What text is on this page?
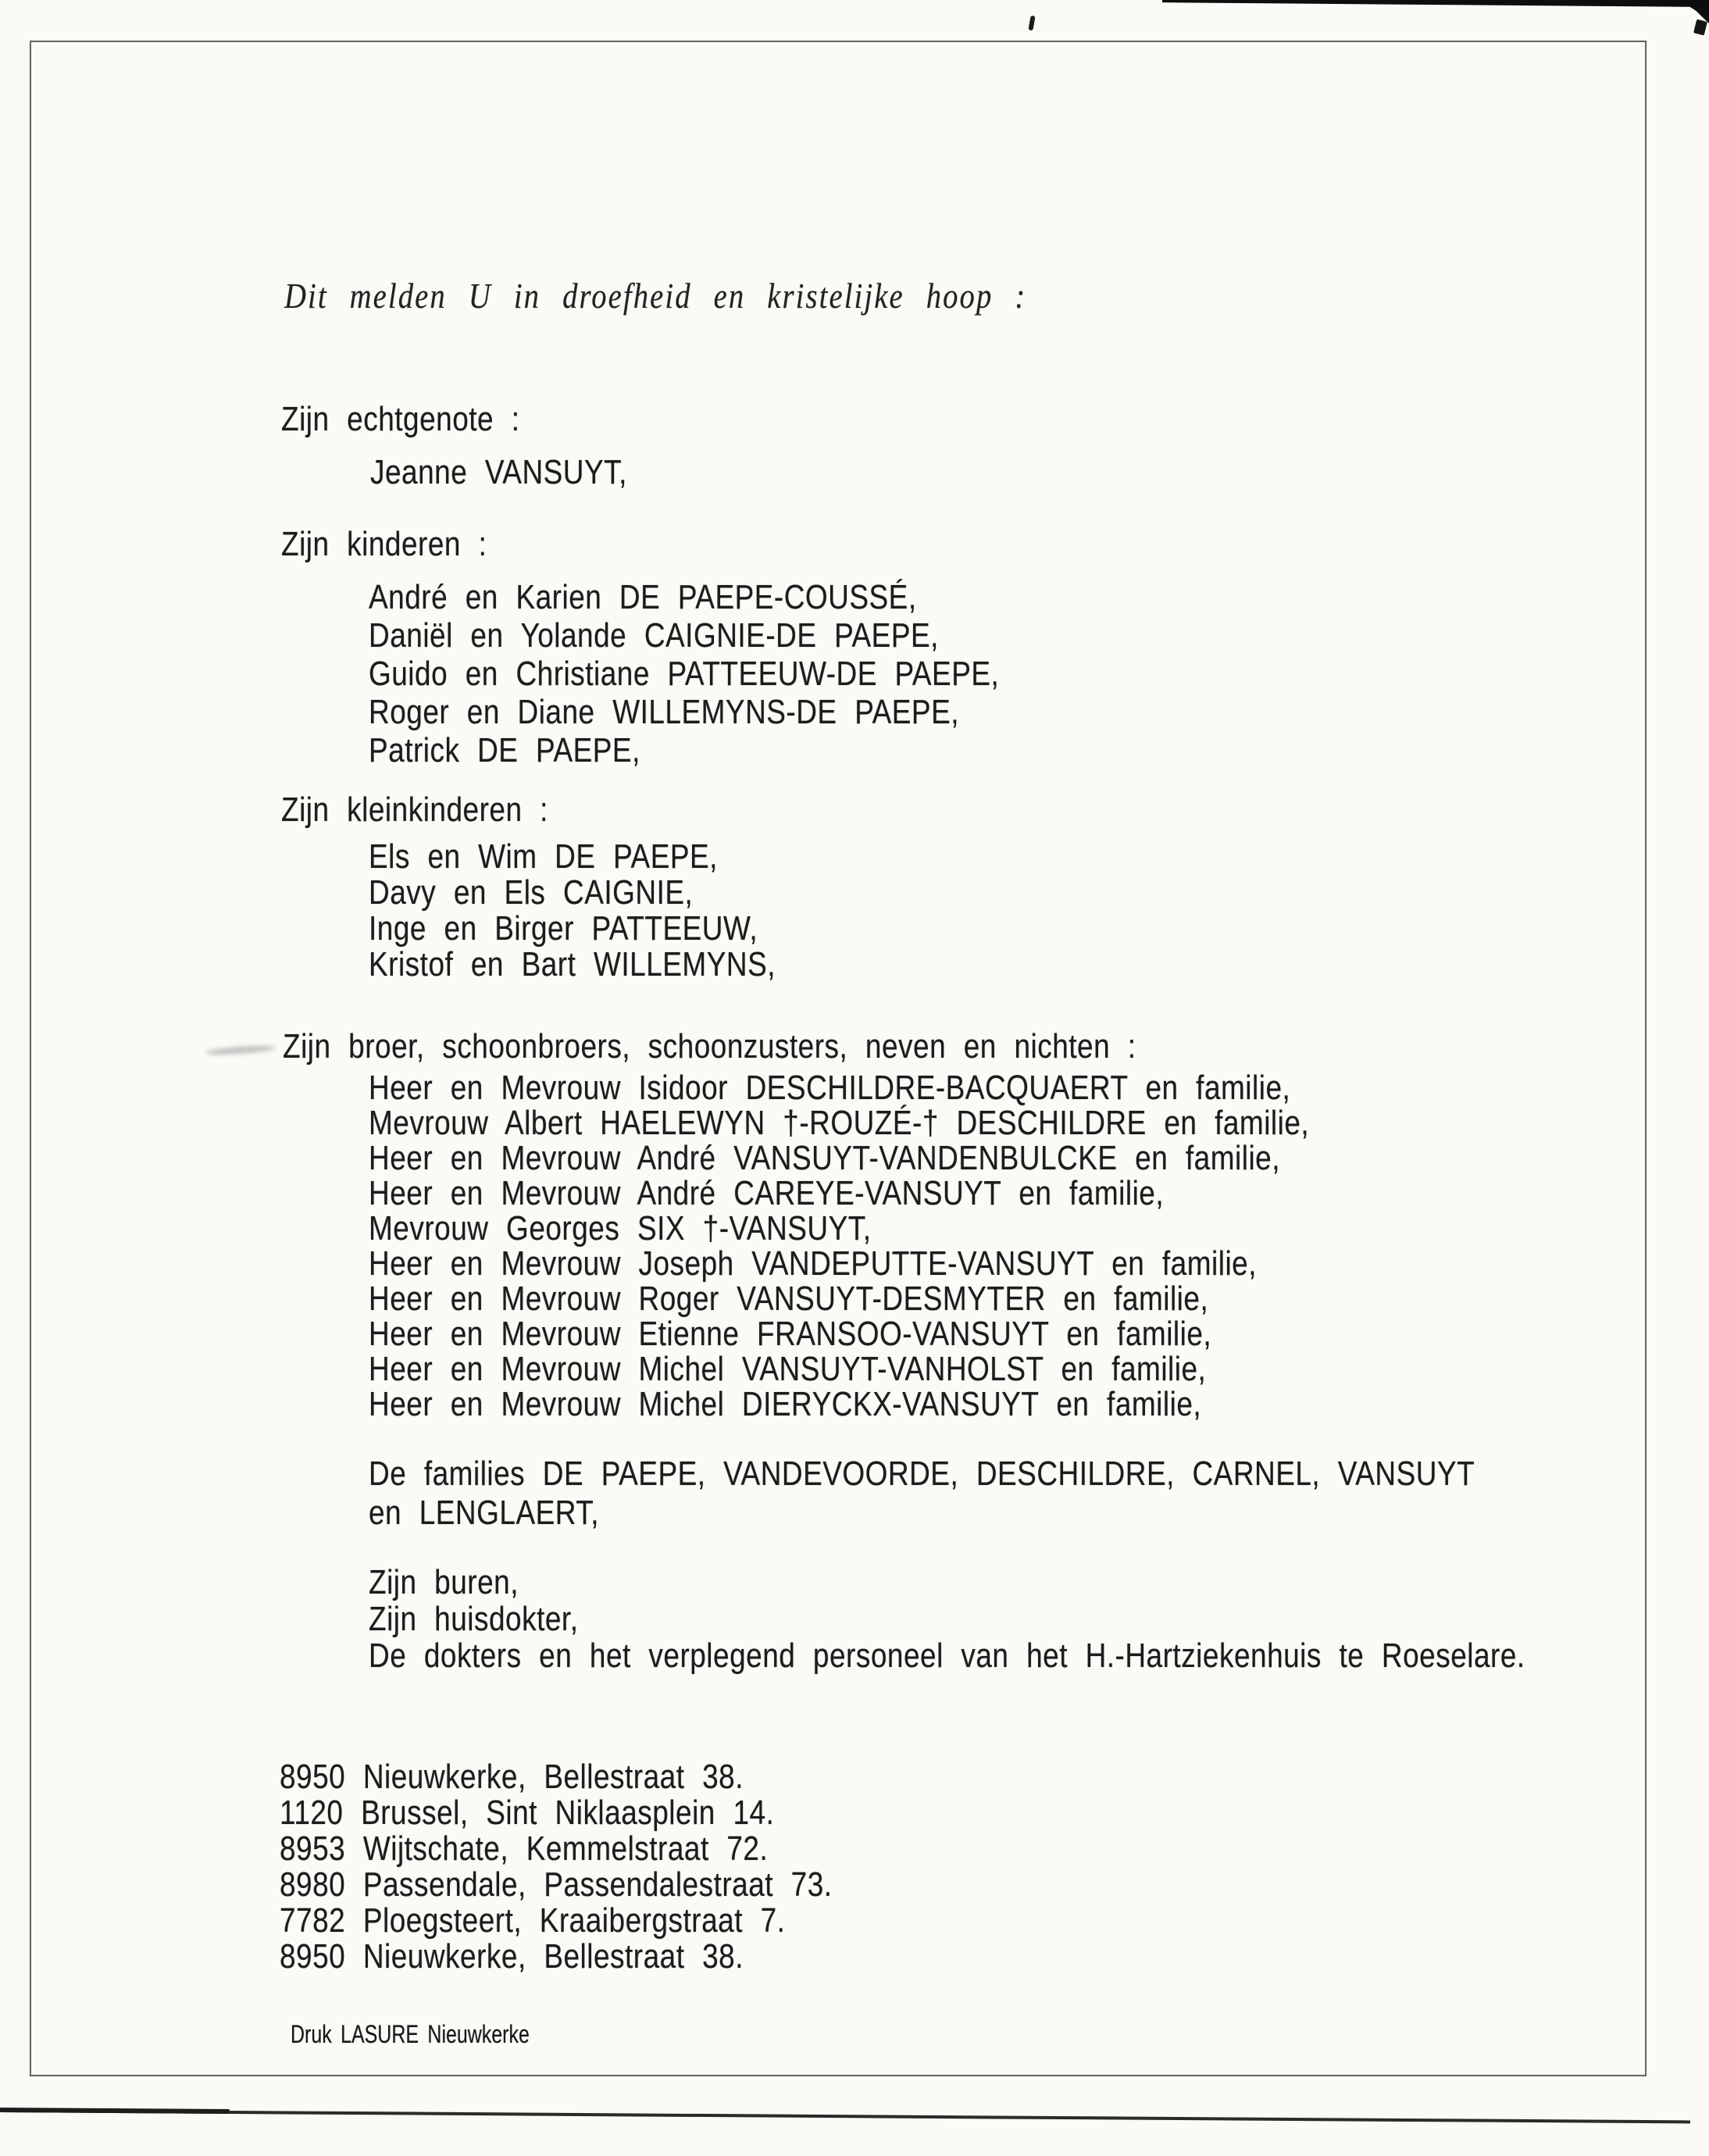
Dit melden U in droefheid en kristelijke hoop :
Zijn echtgenote :
Jeanne VANSUYT,
Zijn kinderen :
André en Karien DE PAEPE-COUSSÉ,
Daniël en Yolande CAIGNIE-DE PAEPE,
Guido en Christiane PATTEEUW-DE PAEPE,
Roger en Diane WILLEMYNS-DE PAEPE,
Patrick DE PAEPE,
Zijn kleinkinderen :
Els en Wim DE PAEPE,
Davy en Els CAIGNIE,
Inge en Birger PATTEEUW,
Kristof en Bart WILLEMYNS,
Zijn broer, schoonbroers, schoonzusters, neven en nichten :
Heer en Mevrouw Isidoor DESCHILDRE-BACQUAERT en familie,
Mevrouw Albert HAELEWYN †-ROUZÉ-† DESCHILDRE en familie,
Heer en Mevrouw André VANSUYT-VANDENBULCKE en familie,
Heer en Mevrouw André CAREYE-VANSUYT en familie,
Mevrouw Georges SIX †-VANSUYT,
Heer en Mevrouw Joseph VANDEPUTTE-VANSUYT en familie,
Heer en Mevrouw Roger VANSUYT-DESMYTER en familie,
Heer en Mevrouw Etienne FRANSOO-VANSUYT en familie,
Heer en Mevrouw Michel VANSUYT-VANHOLST en familie,
Heer en Mevrouw Michel DIERYCKX-VANSUYT en familie,
De families DE PAEPE, VANDEVOORDE, DESCHILDRE, CARNEL, VANSUYT
en LENGLAERT,
Zijn buren,
Zijn huisdokter,
De dokters en het verplegend personeel van het H.-Hartziekenhuis te Roeselare.
8950 Nieuwkerke, Bellestraat 38.
1120 Brussel, Sint Niklaasplein 14.
8953 Wijtschate, Kemmelstraat 72.
8980 Passendale, Passendalestraat 73.
7782 Ploegsteert, Kraaibergstraat 7.
8950 Nieuwkerke, Bellestraat 38.
Druk LASURE Nieuwkerke
